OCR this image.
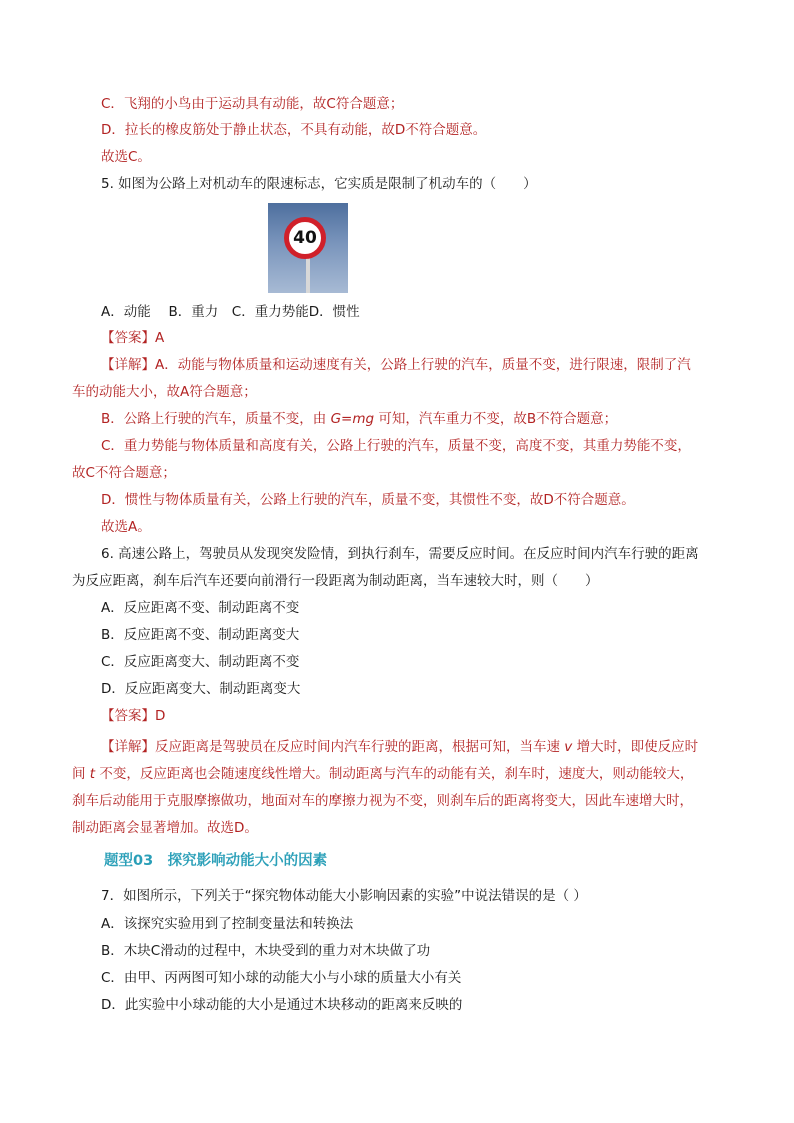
C．飞翔的小鸟由于运动具有动能，故C符合题意；
D．拉长的橡皮筋处于静止状态，不具有动能，故D不符合题意。
故选C。
5. 如图为公路上对机动车的限速标志，它实质是限制了机动车的（　　）
40
A．动能　 B．重力　C．重力势能D．惯性
【答案】A
【详解】A．动能与物体质量和运动速度有关，公路上行驶的汽车，质量不变，进行限速，限制了汽
车的动能大小，故A符合题意；
B．公路上行驶的汽车，质量不变，由 G=mg 可知，汽车重力不变，故B不符合题意；
C．重力势能与物体质量和高度有关，公路上行驶的汽车，质量不变，高度不变，其重力势能不变，
故C不符合题意；
D．惯性与物体质量有关，公路上行驶的汽车，质量不变，其惯性不变，故D不符合题意。
故选A。
6. 高速公路上，驾驶员从发现突发险情，到执行刹车，需要反应时间。在反应时间内汽车行驶的距离
为反应距离，刹车后汽车还要向前滑行一段距离为制动距离，当车速较大时，则（　　）
A．反应距离不变、制动距离不变
B．反应距离不变、制动距离变大
C．反应距离变大、制动距离不变
D．反应距离变大、制动距离变大
【答案】D
【详解】反应距离是驾驶员在反应时间内汽车行驶的距离，根据可知，当车速 v 增大时，即使反应时
间 t 不变，反应距离也会随速度线性增大。制动距离与汽车的动能有关，刹车时，速度大，则动能较大，
刹车后动能用于克服摩擦做功，地面对车的摩擦力视为不变，则刹车后的距离将变大，因此车速增大时，
制动距离会显著增加。故选D。
题型03　探究影响动能大小的因素
7．如图所示，下列关于“探究物体动能大小影响因素的实验”中说法错误的是（ ）
A．该探究实验用到了控制变量法和转换法
B．木块C滑动的过程中，木块受到的重力对木块做了功
C．由甲、丙两图可知小球的动能大小与小球的质量大小有关
D．此实验中小球动能的大小是通过木块移动的距离来反映的
